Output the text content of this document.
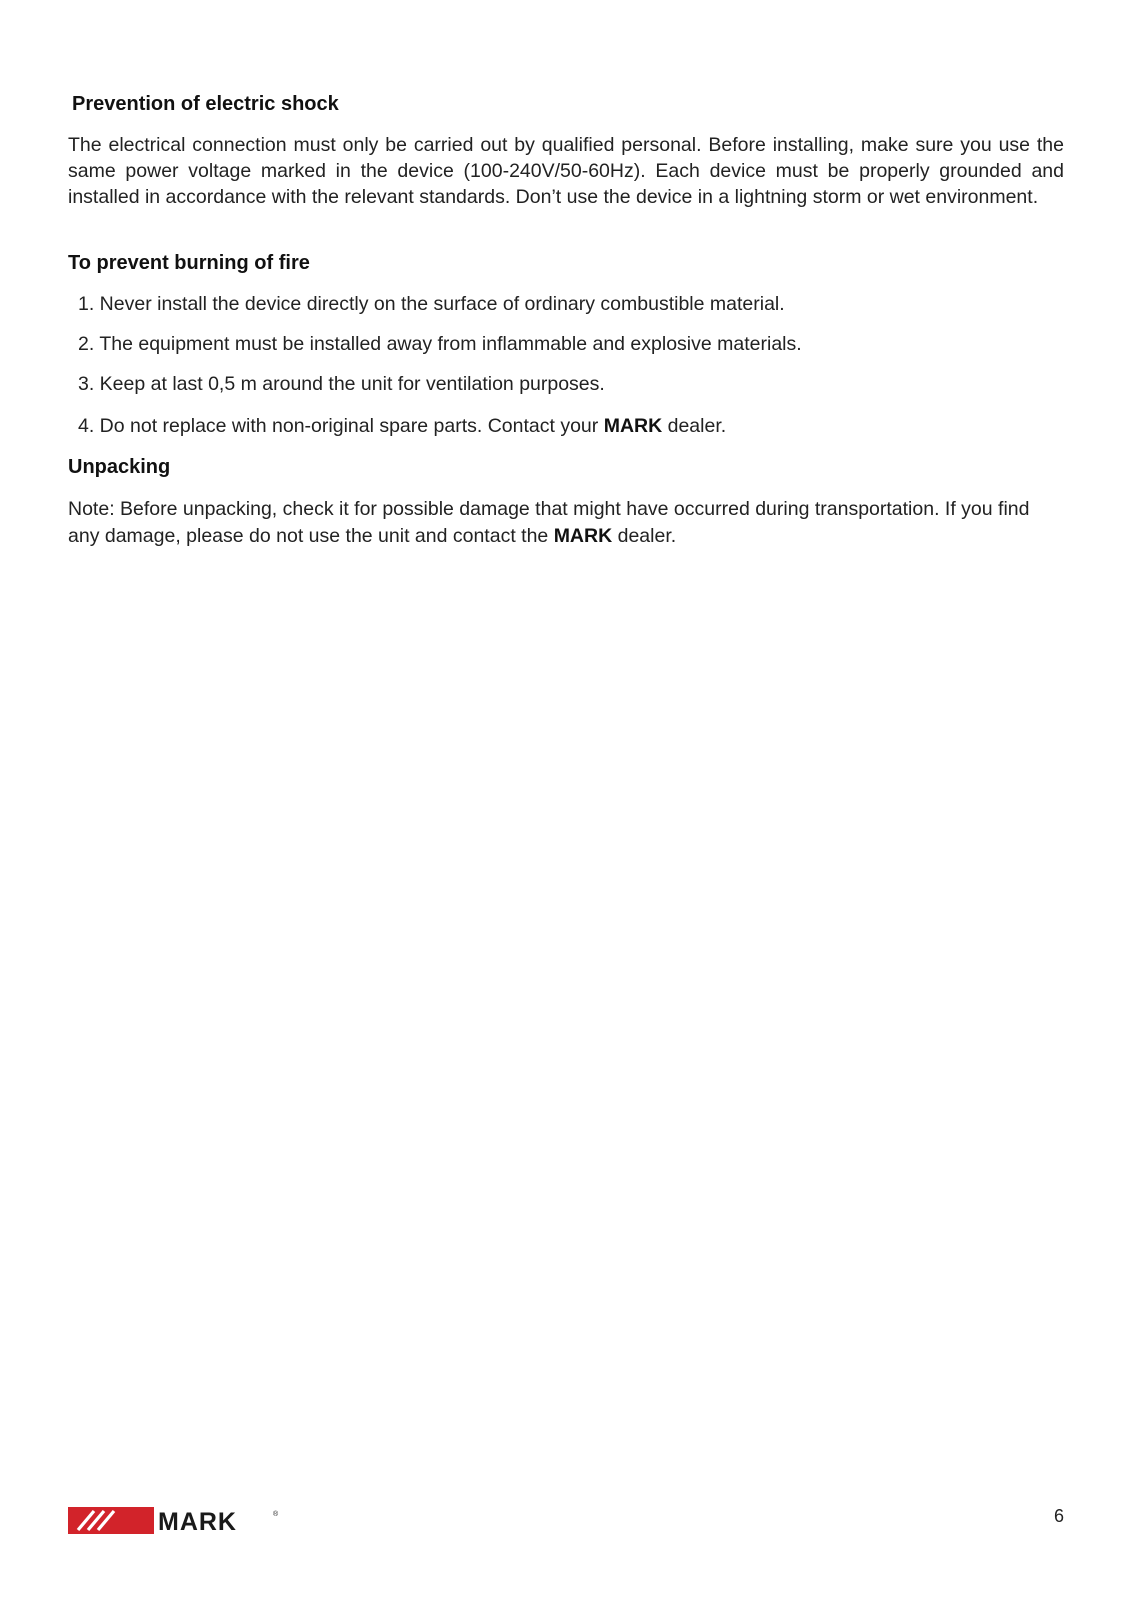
Prevention of electric shock

The electrical connection must only be carried out by qualified personal. Before installing, make sure you use the same power voltage marked in the device (100-240V/50-60Hz). Each device must be properly grounded and installed in accordance with the relevant standards. Don’t use the device in a lightning storm or wet environment.

To prevent burning of fire
1. Never install the device directly on the surface of ordinary combustible material.
2. The equipment must be installed away from inflammable and explosive materials.
3. Keep at last 0,5 m around the unit for ventilation purposes.
4. Do not replace with non-original spare parts. Contact your MARK dealer.
Unpacking

Note: Before unpacking, check it for possible damage that might have occurred during transportation. If you find any damage, please do not use the unit and contact the MARK dealer.

MARK	®	6
